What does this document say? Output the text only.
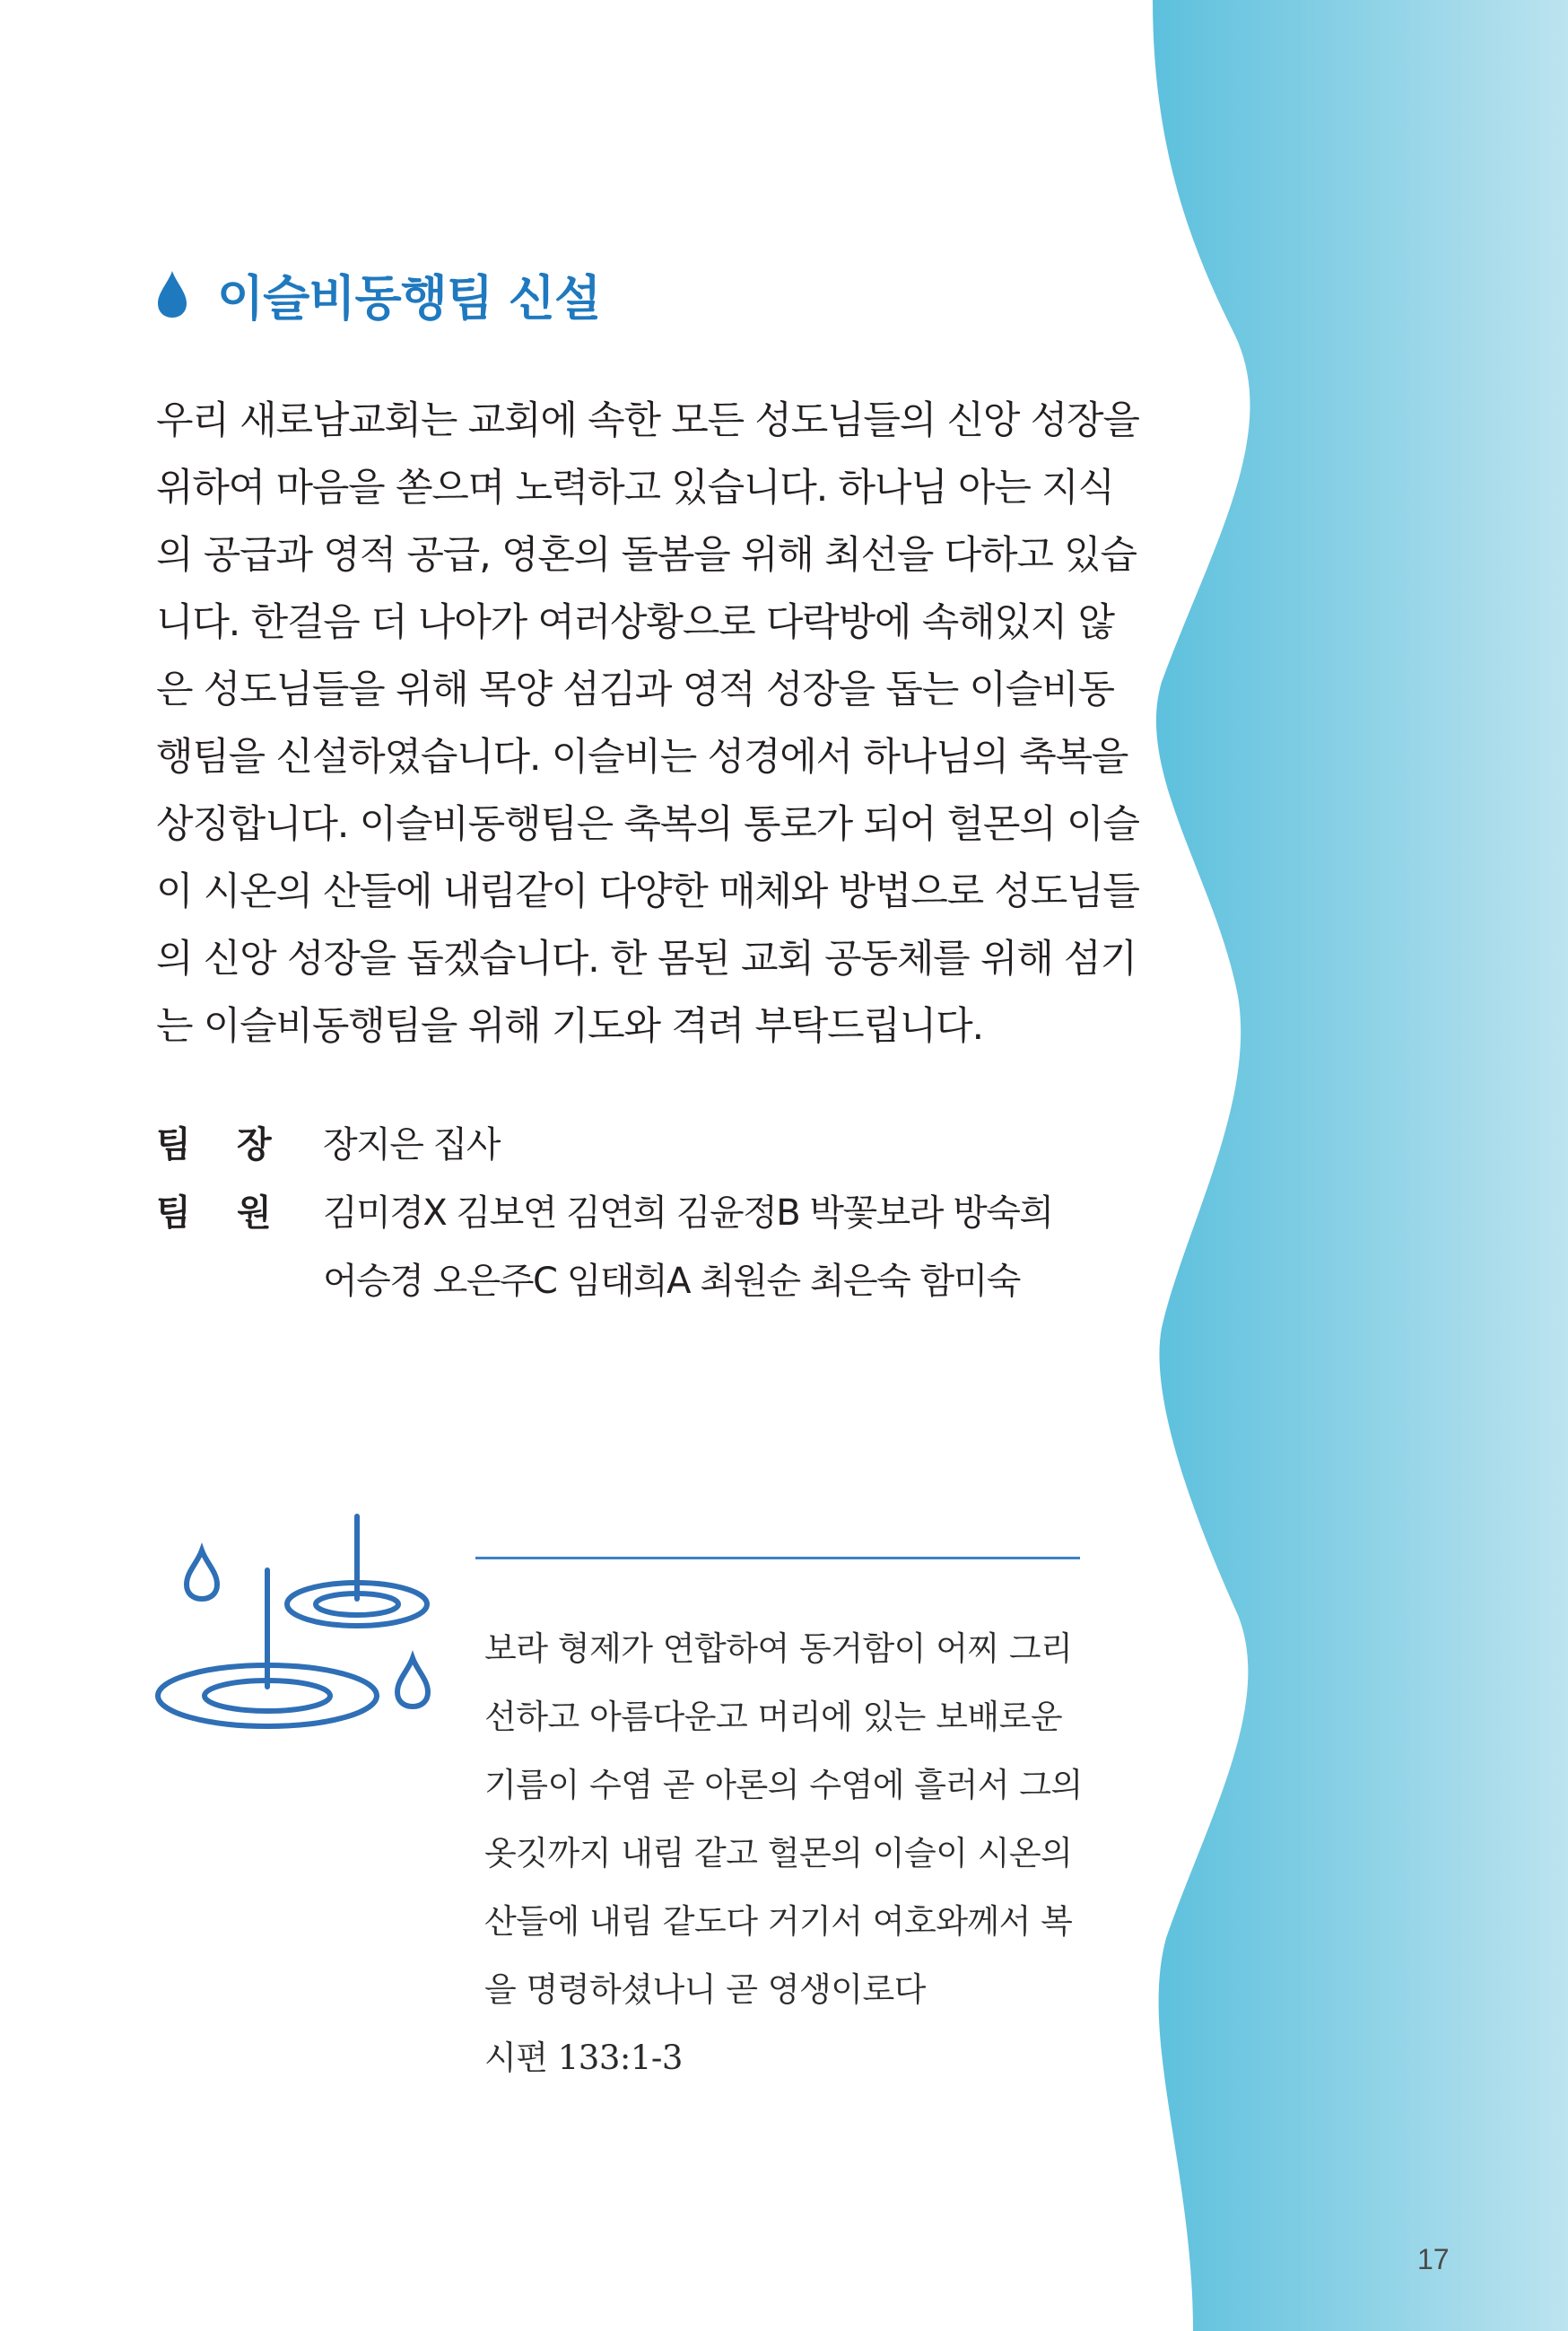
이슬비동행팀 신설
우리 새로남교회는 교회에 속한 모든 성도님들의 신앙 성장을
위하여 마음을 쏟으며 노력하고 있습니다. 하나님 아는 지식
의 공급과 영적 공급, 영혼의 돌봄을 위해 최선을 다하고 있습
니다. 한걸음 더 나아가 여러상황으로 다락방에 속해있지 않
은 성도님들을 위해 목양 섬김과 영적 성장을 돕는 이슬비동
행팀을 신설하였습니다. 이슬비는 성경에서 하나님의 축복을
상징합니다. 이슬비동행팀은 축복의 통로가 되어 헐몬의 이슬
이 시온의 산들에 내림같이 다양한 매체와 방법으로 성도님들
의 신앙 성장을 돕겠습니다. 한 몸된 교회 공동체를 위해 섬기
는 이슬비동행팀을 위해 기도와 격려 부탁드립니다.
팀	장	장지은 집사
팀	원	김미경X 김보연 김연희 김윤정B 박꽃보라 방숙희
어승경 오은주C 임태희A 최원순 최은숙 함미숙
보라 형제가 연합하여 동거함이 어찌 그리
선하고 아름다운고 머리에 있는 보배로운
기름이 수염 곧 아론의 수염에 흘러서 그의
옷깃까지 내림 같고 헐몬의 이슬이 시온의
산들에 내림 같도다 거기서 여호와께서 복
을 명령하셨나니 곧 영생이로다
시편 133:1-3
17
